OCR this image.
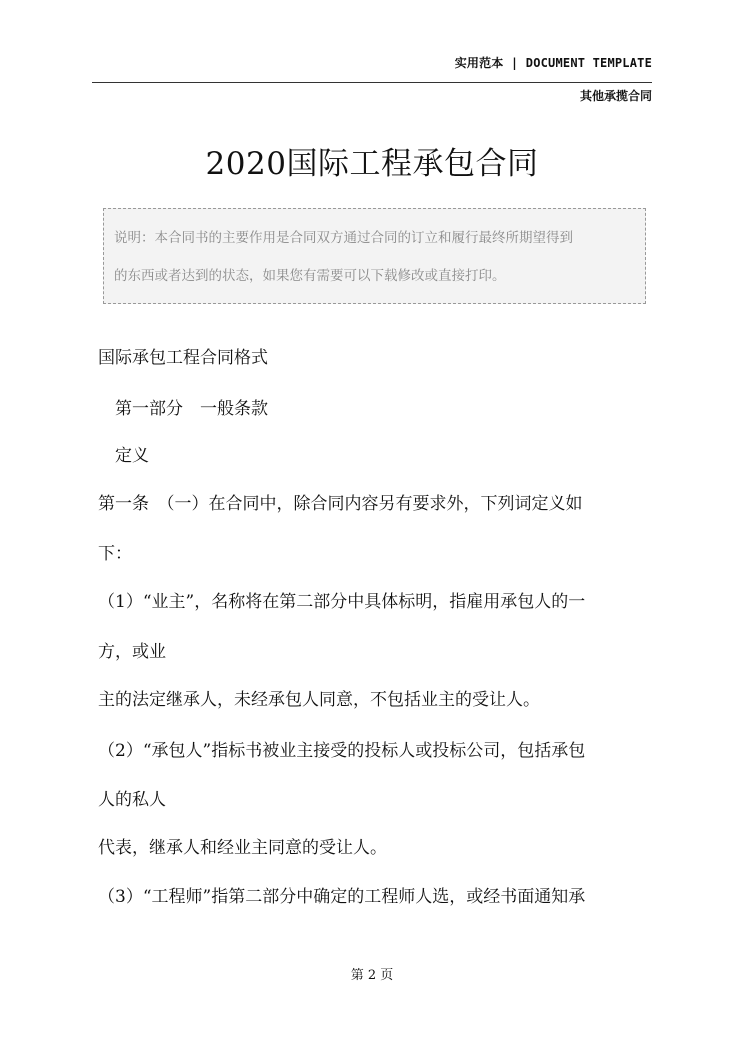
实用范本 | DOCUMENT TEMPLATE
其他承揽合同
2020国际工程承包合同
说明：本合同书的主要作用是合同双方通过合同的订立和履行最终所期望得到
的东西或者达到的状态，如果您有需要可以下载修改或直接打印。
国际承包工程合同格式
　第一部分　一般条款
　定义
第一条　（一）在合同中，除合同内容另有要求外，下列词定义如
下：
（1）“业主”，名称将在第二部分中具体标明，指雇用承包人的一
方，或业
主的法定继承人，未经承包人同意，不包括业主的受让人。
（2）“承包人”指标书被业主接受的投标人或投标公司，包括承包
人的私人
代表，继承人和经业主同意的受让人。
（3）“工程师”指第二部分中确定的工程师人选，或经书面通知承
第 2 页
